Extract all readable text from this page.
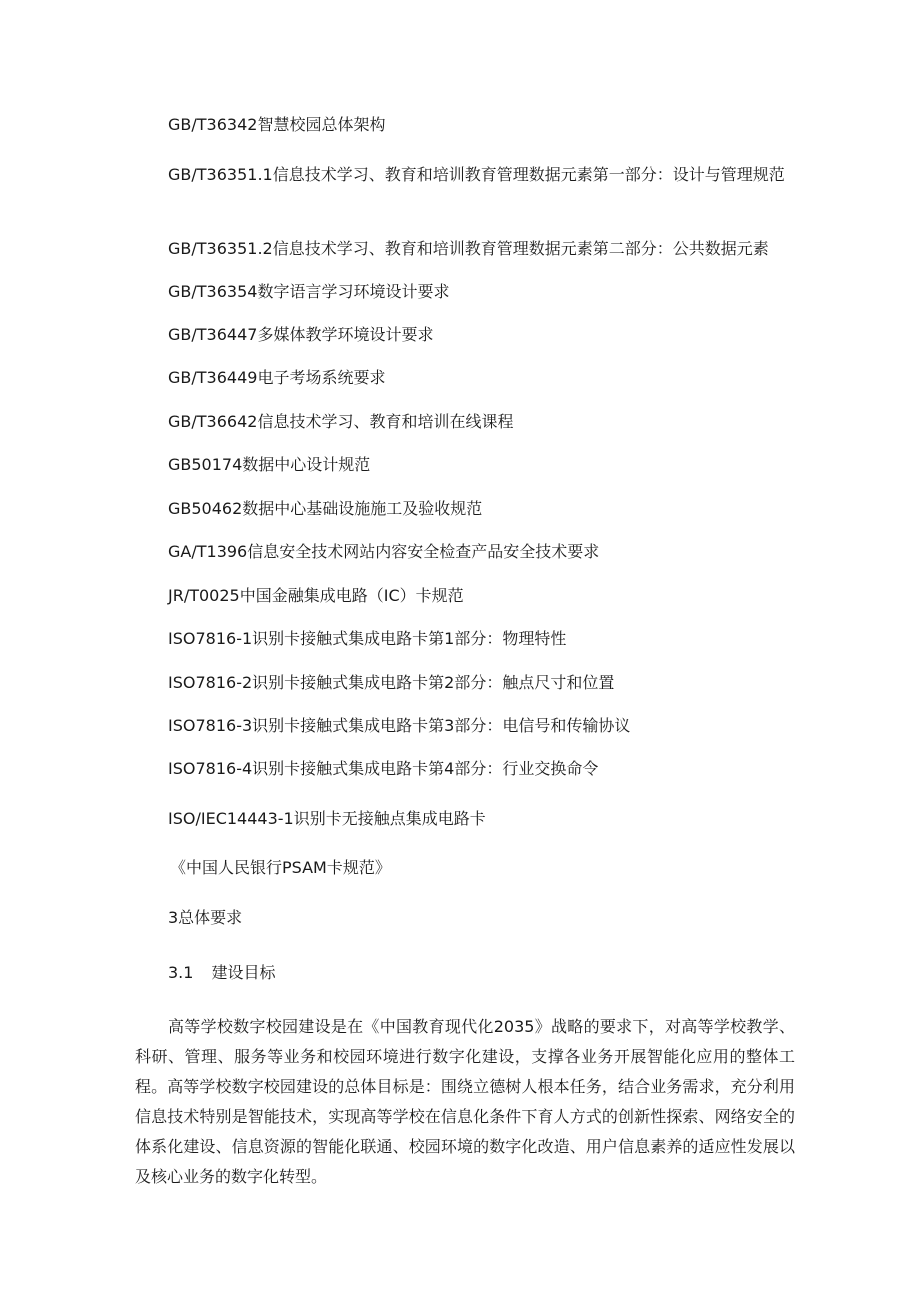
GB/T36342智慧校园总体架构
GB/T36351.1信息技术学习、教育和培训教育管理数据元素第一部分：设计与管理规范
GB/T36351.2信息技术学习、教育和培训教育管理数据元素第二部分：公共数据元素
GB/T36354数字语言学习环境设计要求
GB/T36447多媒体教学环境设计要求
GB/T36449电子考场系统要求
GB/T36642信息技术学习、教育和培训在线课程
GB50174数据中心设计规范
GB50462数据中心基础设施施工及验收规范
GA/T1396信息安全技术网站内容安全检查产品安全技术要求
JR/T0025中国金融集成电路（IC）卡规范
ISO7816-1识别卡接触式集成电路卡第1部分：物理特性
ISO7816-2识别卡接触式集成电路卡第2部分：触点尺寸和位置
ISO7816-3识别卡接触式集成电路卡第3部分：电信号和传输协议
ISO7816-4识别卡接触式集成电路卡第4部分：行业交换命令
ISO/IEC14443-1识别卡无接触点集成电路卡
《中国人民银行PSAM卡规范》
3总体要求
3.1 建设目标
高等学校数字校园建设是在《中国教育现代化2035》战略的要求下，对高等学校教学、科研、管理、服务等业务和校园环境进行数字化建设，支撑各业务开展智能化应用的整体工程。高等学校数字校园建设的总体目标是：围绕立德树人根本任务，结合业务需求，充分利用信息技术特别是智能技术，实现高等学校在信息化条件下育人方式的创新性探索、网络安全的体系化建设、信息资源的智能化联通、校园环境的数字化改造、用户信息素养的适应性发展以及核心业务的数字化转型。
